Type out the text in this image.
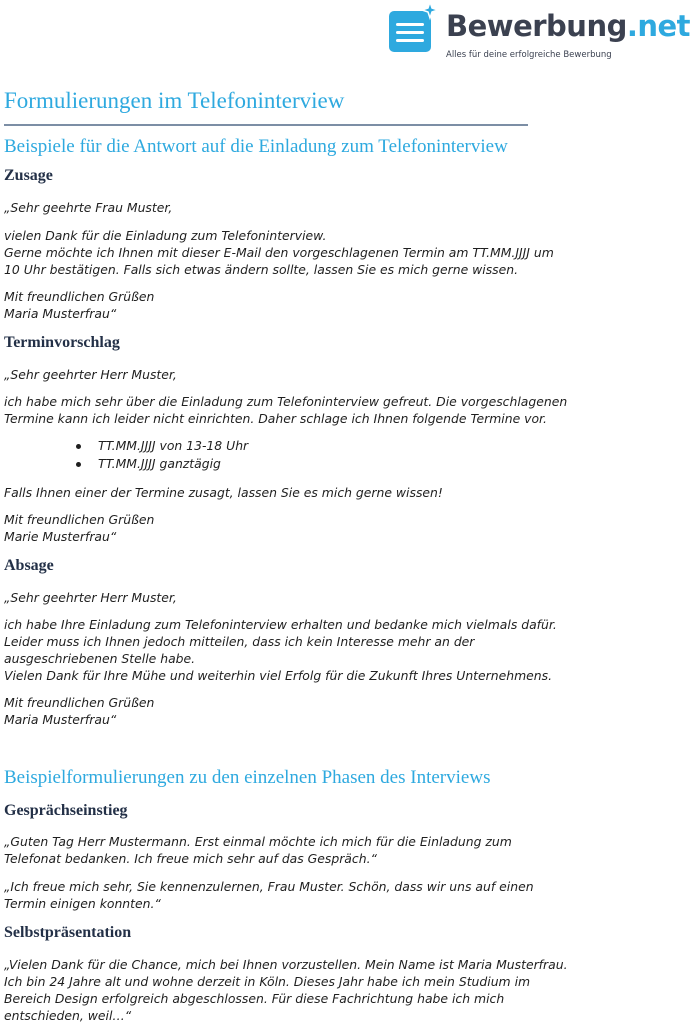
Bewerbung.net
Alles für deine erfolgreiche Bewerbung
Formulierungen im Telefoninterview
Beispiele für die Antwort auf die Einladung zum Telefoninterview
Zusage
„Sehr geehrte Frau Muster,
vielen Dank für die Einladung zum Telefoninterview.
Gerne möchte ich Ihnen mit dieser E-Mail den vorgeschlagenen Termin am TT.MM.JJJJ um
10 Uhr bestätigen. Falls sich etwas ändern sollte, lassen Sie es mich gerne wissen.
Mit freundlichen Grüßen
Maria Musterfrau“
Terminvorschlag
„Sehr geehrter Herr Muster,
ich habe mich sehr über die Einladung zum Telefoninterview gefreut. Die vorgeschlagenen
Termine kann ich leider nicht einrichten. Daher schlage ich Ihnen folgende Termine vor.
TT.MM.JJJJ von 13-18 Uhr
TT.MM.JJJJ ganztägig
Falls Ihnen einer der Termine zusagt, lassen Sie es mich gerne wissen!
Mit freundlichen Grüßen
Marie Musterfrau“
Absage
„Sehr geehrter Herr Muster,
ich habe Ihre Einladung zum Telefoninterview erhalten und bedanke mich vielmals dafür.
Leider muss ich Ihnen jedoch mitteilen, dass ich kein Interesse mehr an der
ausgeschriebenen Stelle habe.
Vielen Dank für Ihre Mühe und weiterhin viel Erfolg für die Zukunft Ihres Unternehmens.
Mit freundlichen Grüßen
Maria Musterfrau“
Beispielformulierungen zu den einzelnen Phasen des Interviews
Gesprächseinstieg
„Guten Tag Herr Mustermann. Erst einmal möchte ich mich für die Einladung zum
Telefonat bedanken. Ich freue mich sehr auf das Gespräch.“
„Ich freue mich sehr, Sie kennenzulernen, Frau Muster. Schön, dass wir uns auf einen
Termin einigen konnten.“
Selbstpräsentation
„Vielen Dank für die Chance, mich bei Ihnen vorzustellen. Mein Name ist Maria Musterfrau.
Ich bin 24 Jahre alt und wohne derzeit in Köln. Dieses Jahr habe ich mein Studium im
Bereich Design erfolgreich abgeschlossen. Für diese Fachrichtung habe ich mich
entschieden, weil…“
